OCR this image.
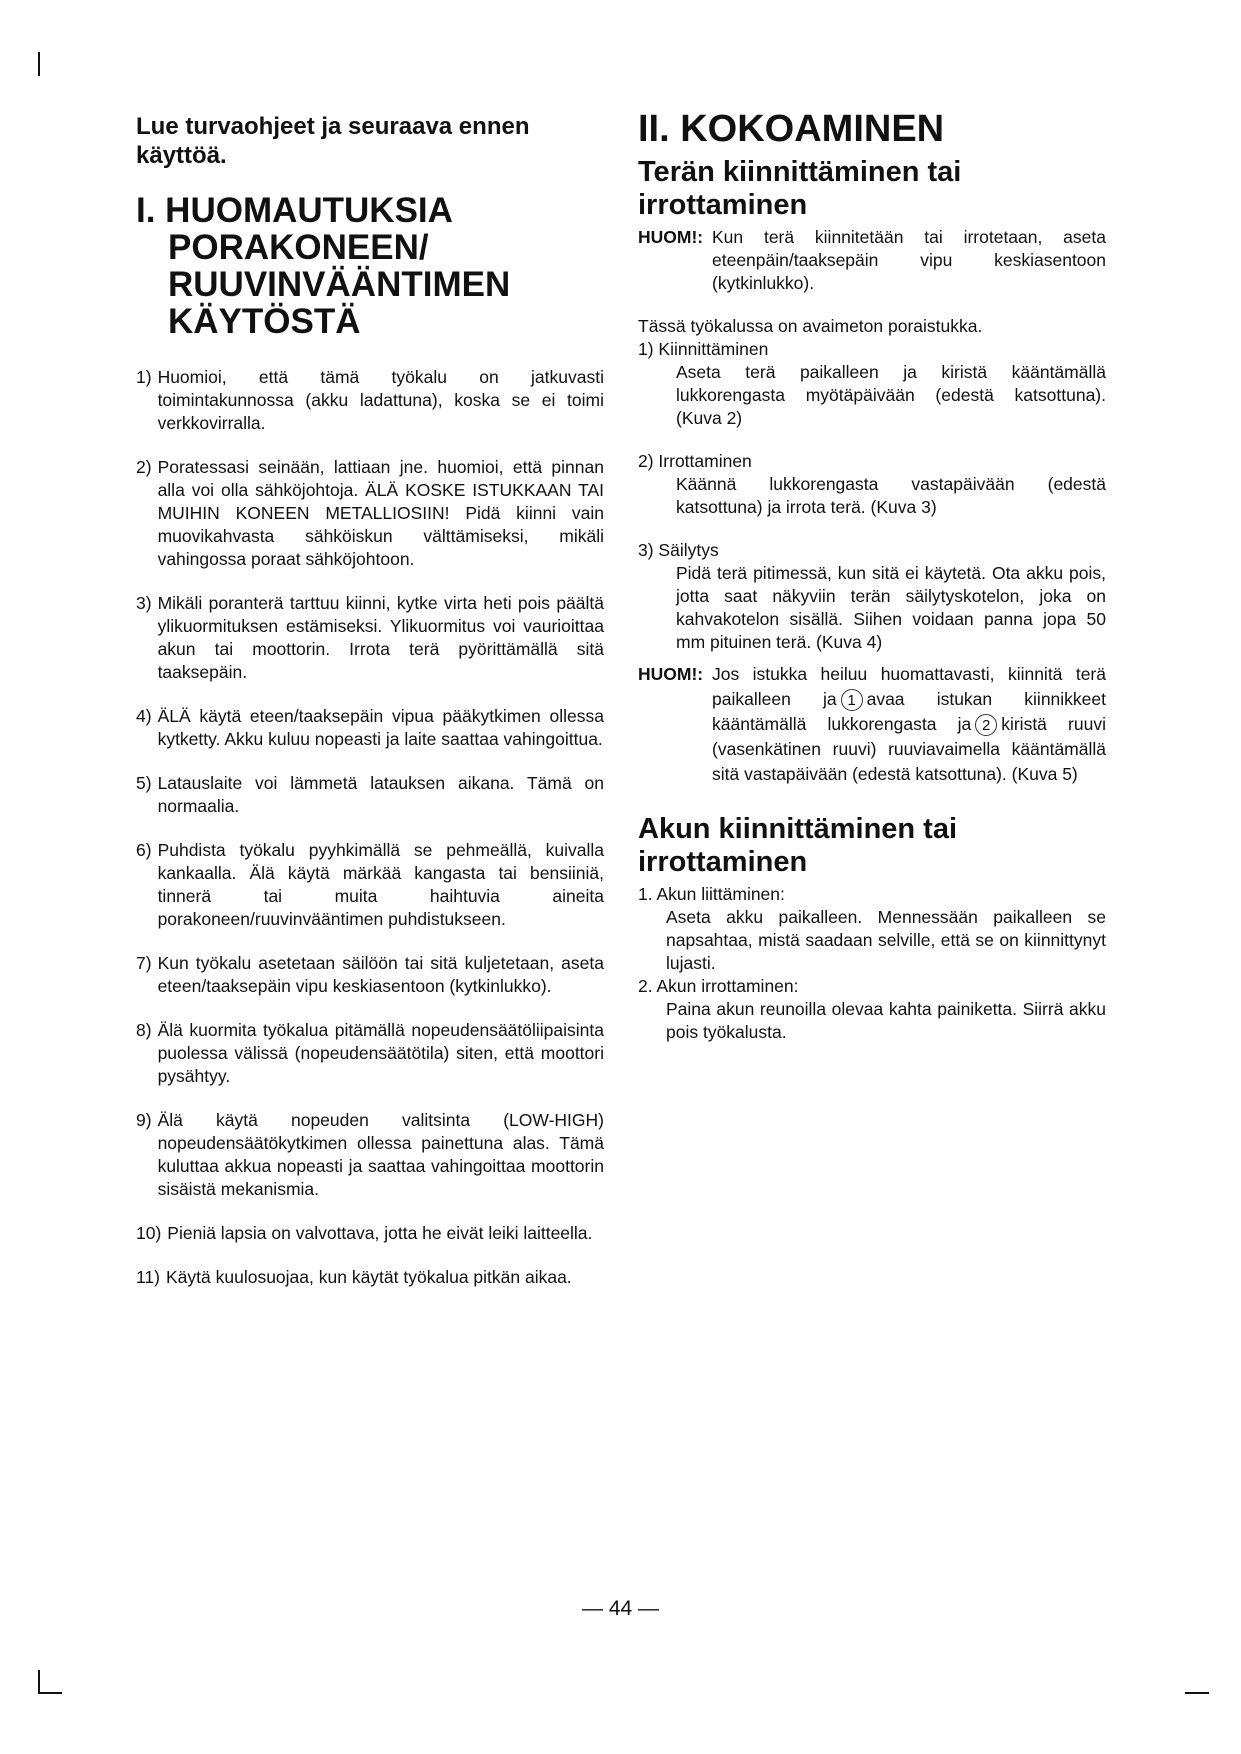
Lue turvaohjeet ja seuraava ennen käyttöä.
I. HUOMAUTUKSIA PORAKONEEN/ RUUVINVÄÄNTIMEN KÄYTÖSTÄ
1) Huomioi, että tämä työkalu on jatkuvasti toimintakunnossa (akku ladattuna), koska se ei toimi verkkovirralla.
2) Poratessasi seinään, lattiaan jne. huomioi, että pinnan alla voi olla sähköjohtoja. ÄLÄ KOSKE ISTUKKAAN TAI MUIHIN KONEEN METALLIOSIIN! Pidä kiinni vain muovikahvasta sähköiskun välttämiseksi, mikäli vahingossa poraat sähköjohtoon.
3) Mikäli poranterä tarttuu kiinni, kytke virta heti pois päältä ylikuormituksen estämiseksi. Ylikuormitus voi vaurioittaa akun tai moottorin. Irrota terä pyörittämällä sitä taaksepäin.
4) ÄLÄ käytä eteen/taaksepäin vipua pääkytkimen ollessa kytketty. Akku kuluu nopeasti ja laite saattaa vahingoittua.
5) Latauslaite voi lämmetä latauksen aikana. Tämä on normaalia.
6) Puhdista työkalu pyyhkimällä se pehmeällä, kuivalla kankaalla. Älä käytä märkää kangasta tai bensiiniä, tinnerä tai muita haihtuvia aineita porakoneen/ruuvinvääntimen puhdistukseen.
7) Kun työkalu asetetaan säilöön tai sitä kuljetetaan, aseta eteen/taaksepäin vipu keskiasentoon (kytkinlukko).
8) Älä kuormita työkalua pitämällä nopeudensäätöliipaisinta puolessa välissä (nopeudensäätötila) siten, että moottori pysähtyy.
9) Älä käytä nopeuden valitsinta (LOW-HIGH) nopeudensäätökytkimen ollessa painettuna alas. Tämä kuluttaa akkua nopeasti ja saattaa vahingoittaa moottorin sisäistä mekanismia.
10) Pieniä lapsia on valvottava, jotta he eivät leiki laitteella.
11) Käytä kuulosuojaa, kun käytät työkalua pitkän aikaa.
II. KOKOAMINEN
Terän kiinnittäminen tai irrottaminen
HUOM!: Kun terä kiinnitetään tai irrotetaan, aseta eteenpäin/taaksepäin vipu keskiasentoon (kytkinlukko).

Tässä työkalussa on avaimeton poraistukka.

1) Kiinnittäminen
Aseta terä paikalleen ja kiristä kääntämällä lukkorengasta myötäpäivään (edestä katsottuna). (Kuva 2)
2) Irrottaminen
Käännä lukkorengasta vastapäivään (edestä katsottuna) ja irrota terä. (Kuva 3)
3) Säilytys
Pidä terä pitimessä, kun sitä ei käytetä. Ota akku pois, jotta saat näkyviin terän säilytyskotelon, joka on kahvakotelon sisällä. Siihen voidaan panna jopa 50 mm pituinen terä. (Kuva 4)
HUOM!: Jos istukka heiluu huomattavasti, kiinnitä terä paikalleen ja 1 avaa istukan kiinnikkeet kääntämällä lukkorengasta ja 2 kiristä ruuvi (vasenkätinen ruuvi) ruuviavaimella kääntämällä sitä vastapäivään (edestä katsottuna). (Kuva 5)
Akun kiinnittäminen tai irrottaminen
1. Akun liittäminen:
Aseta akku paikalleen. Mennessään paikalleen se napsahtaa, mistä saadaan selville, että se on kiinnittynyt lujasti.
2. Akun irrottaminen:
Paina akun reunoilla olevaa kahta painiketta. Siirrä akku pois työkalusta.
— 44 —
